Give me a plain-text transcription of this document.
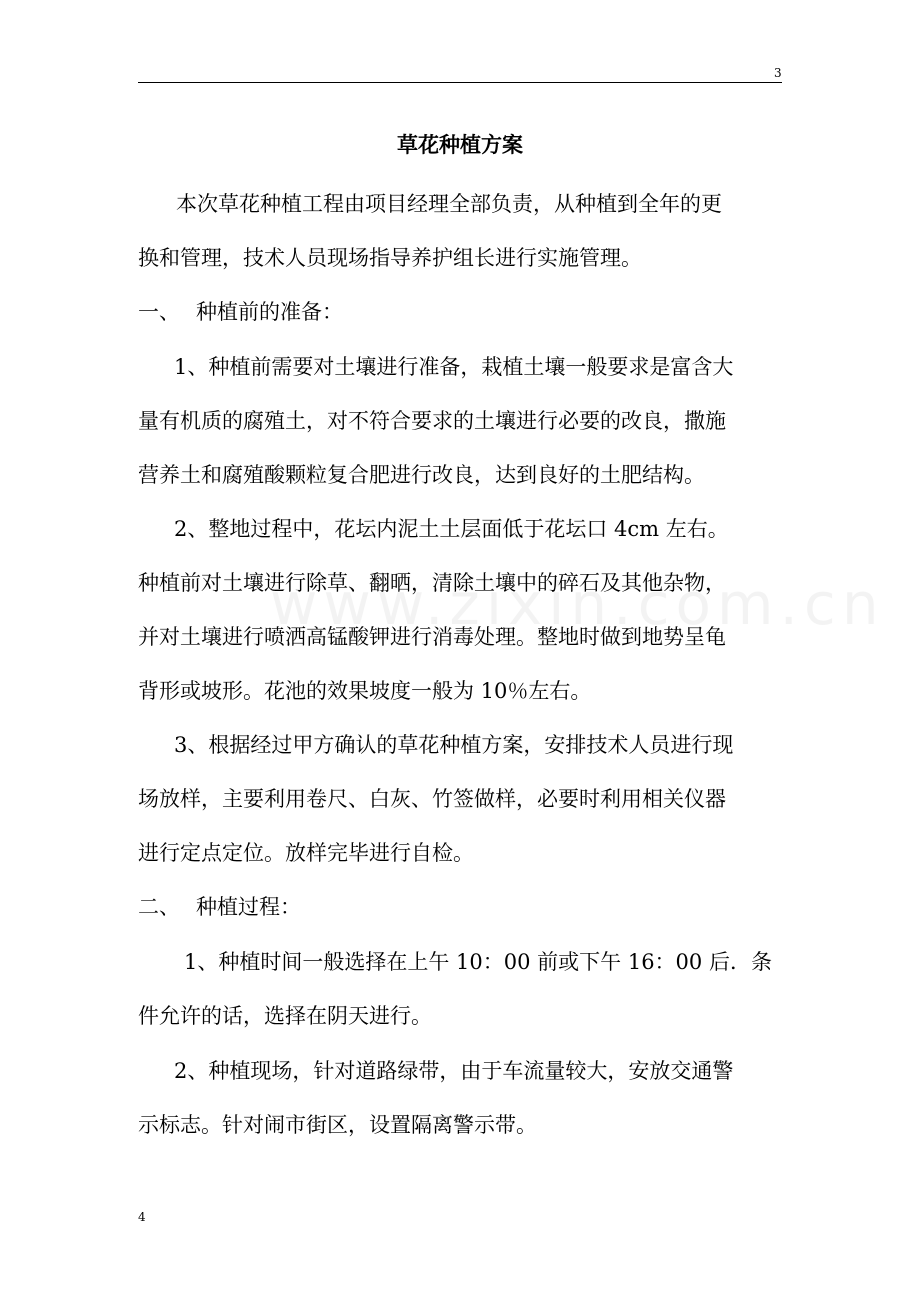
3
草花种植方案
本次草花种植工程由项目经理全部负责，从种植到全年的更
换和管理，技术人员现场指导养护组长进行实施管理。
一、 种植前的准备：
1、种植前需要对土壤进行准备，栽植土壤一般要求是富含大
量有机质的腐殖土，对不符合要求的土壤进行必要的改良，撒施
营养土和腐殖酸颗粒复合肥进行改良，达到良好的土肥结构。
2、整地过程中，花坛内泥土土层面低于花坛口 4cm 左右。
种植前对土壤进行除草、翻晒，清除土壤中的碎石及其他杂物，
并对土壤进行喷洒高锰酸钾进行消毒处理。整地时做到地势呈龟
背形或坡形。花池的效果坡度一般为 10％左右。
3、根据经过甲方确认的草花种植方案，安排技术人员进行现
场放样，主要利用卷尺、白灰、竹签做样，必要时利用相关仪器
进行定点定位。放样完毕进行自检。
二、 种植过程：
1、种植时间一般选择在上午 10：00 前或下午 16：00 后．条
件允许的话，选择在阴天进行。
2、种植现场，针对道路绿带，由于车流量较大，安放交通警
示标志。针对闹市街区，设置隔离警示带。
4
